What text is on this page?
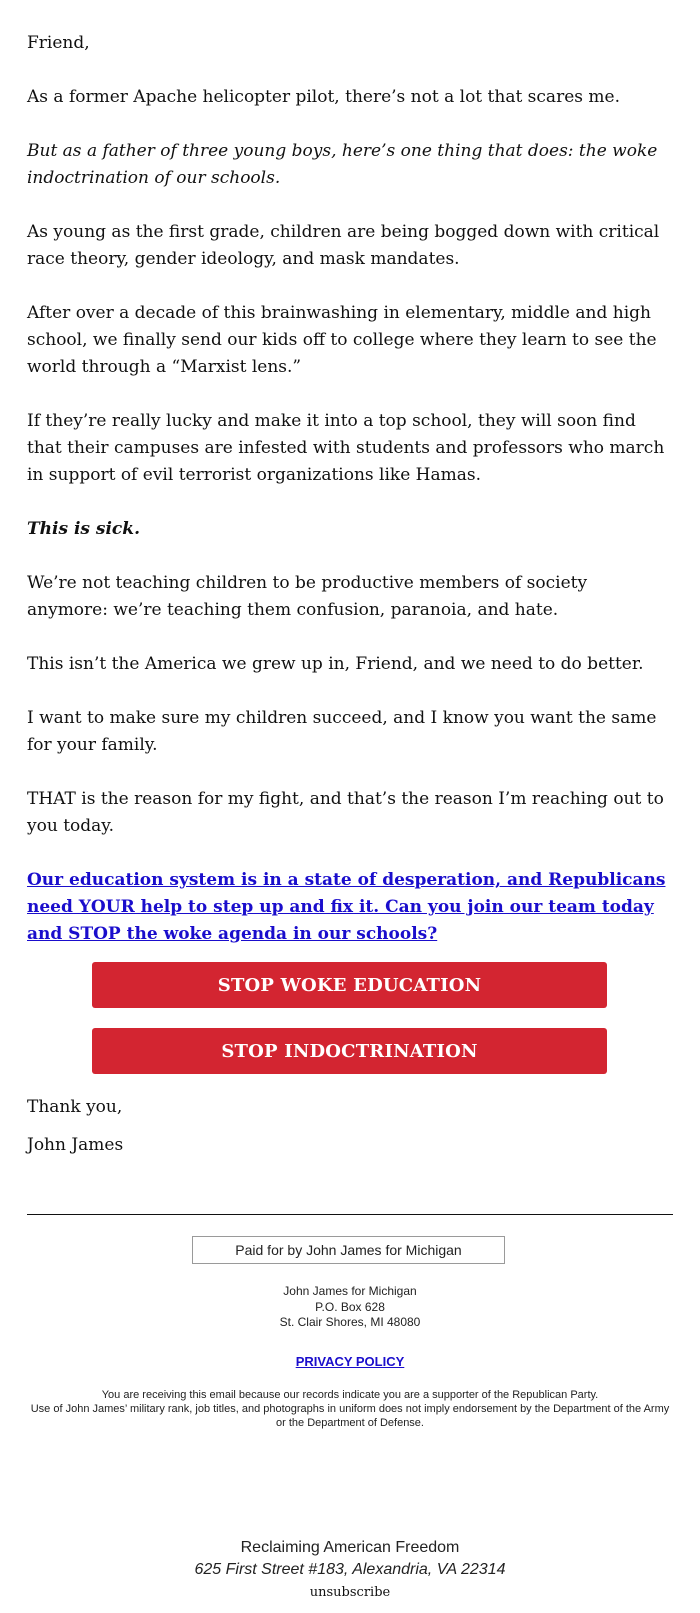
Friend,

As a former Apache helicopter pilot, there’s not a lot that scares me.

But as a father of three young boys, here’s one thing that does: the woke indoctrination of our schools.

As young as the first grade, children are being bogged down with critical race theory, gender ideology, and mask mandates.

After over a decade of this brainwashing in elementary, middle and high school, we finally send our kids off to college where they learn to see the world through a “Marxist lens.”

If they’re really lucky and make it into a top school, they will soon find that their campuses are infested with students and professors who march in support of evil terrorist organizations like Hamas.

This is sick.

We’re not teaching children to be productive members of society anymore: we’re teaching them confusion, paranoia, and hate.

This isn’t the America we grew up in, Friend, and we need to do better.

I want to make sure my children succeed, and I know you want the same for your family.

THAT is the reason for my fight, and that’s the reason I’m reaching out to you today.

Our education system is in a state of desperation, and Republicans need YOUR help to step up and fix it. Can you join our team today and STOP the woke agenda in our schools?
STOP WOKE EDUCATION
STOP INDOCTRINATION

Thank you,

John James

Paid for by John James for Michigan
John James for Michigan
P.O. Box 628
St. Clair Shores, MI 48080
PRIVACY POLICY
You are receiving this email because our records indicate you are a supporter of the Republican Party.
Use of John James’ military rank, job titles, and photographs in uniform does not imply endorsement by the Department of the Army or the Department of Defense.
Reclaiming American Freedom
625 First Street #183, Alexandria, VA 22314
unsubscribe
